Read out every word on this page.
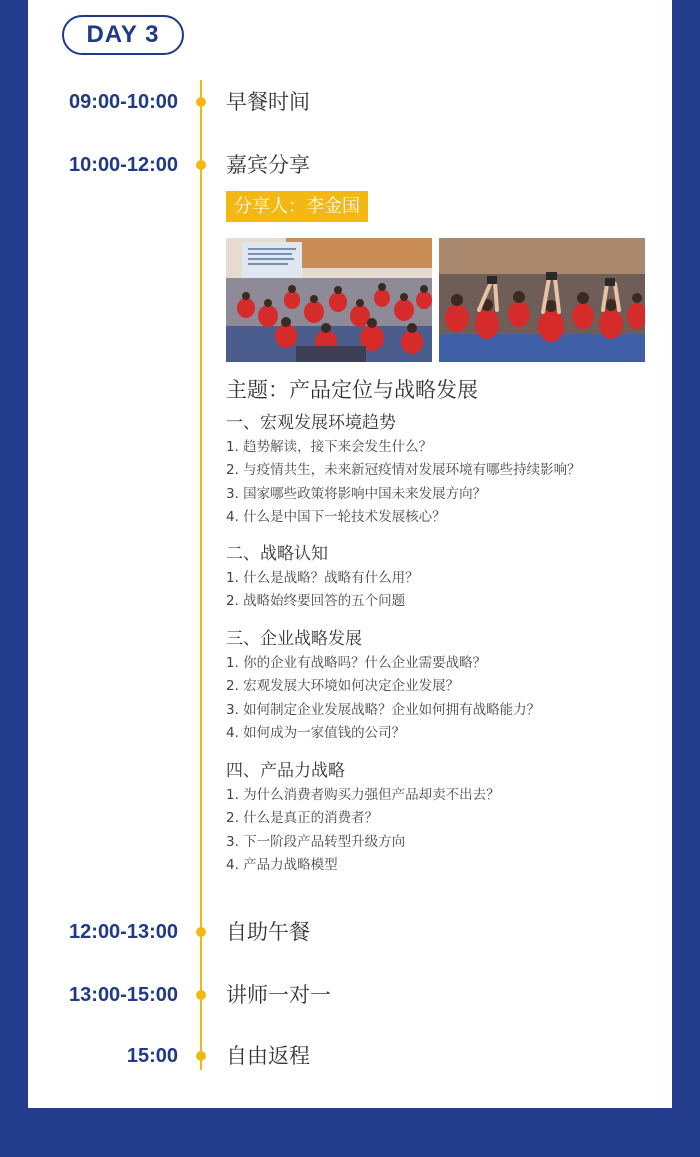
DAY 3
09:00-10:00 早餐时间
10:00-12:00 嘉宾分享
分享人：李金国
主题：产品定位与战略发展
一、宏观发展环境趋势
1. 趋势解读，接下来会发生什么？
2. 与疫情共生，未来新冠疫情对发展环境有哪些持续影响？
3. 国家哪些政策将影响中国未来发展方向？
4. 什么是中国下一轮技术发展核心？
二、战略认知
1. 什么是战略？战略有什么用？
2. 战略始终要回答的五个问题
三、企业战略发展
1. 你的企业有战略吗？什么企业需要战略？
2. 宏观发展大环境如何决定企业发展？
3. 如何制定企业发展战略？企业如何拥有战略能力？
4. 如何成为一家值钱的公司？
四、产品力战略
1. 为什么消费者购买力强但产品却卖不出去？
2. 什么是真正的消费者？
3. 下一阶段产品转型升级方向
4. 产品力战略模型
12:00-13:00 自助午餐
13:00-15:00 讲师一对一
15:00 自由返程
